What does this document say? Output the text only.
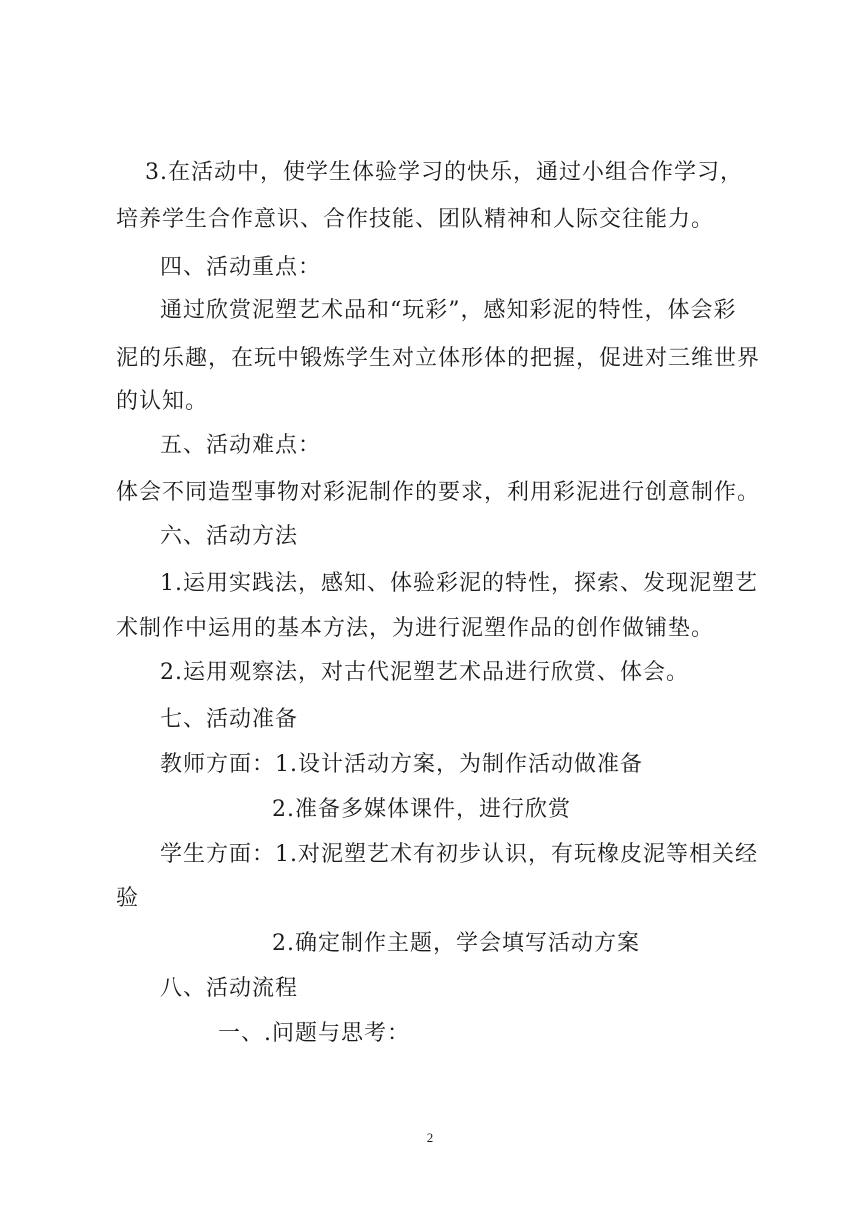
3.在活动中，使学生体验学习的快乐，通过小组合作学习，
培养学生合作意识、合作技能、团队精神和人际交往能力。
四、活动重点：
通过欣赏泥塑艺术品和“玩彩”，感知彩泥的特性，体会彩
泥的乐趣，在玩中锻炼学生对立体形体的把握，促进对三维世界
的认知。
五、活动难点：
体会不同造型事物对彩泥制作的要求，利用彩泥进行创意制作。
六、活动方法
1.运用实践法，感知、体验彩泥的特性，探索、发现泥塑艺
术制作中运用的基本方法，为进行泥塑作品的创作做铺垫。
2.运用观察法，对古代泥塑艺术品进行欣赏、体会。
七、活动准备
教师方面：1.设计活动方案，为制作活动做准备
2.准备多媒体课件，进行欣赏
学生方面：1.对泥塑艺术有初步认识，有玩橡皮泥等相关经
验
2.确定制作主题，学会填写活动方案
八、活动流程
一、.问题与思考：
2
